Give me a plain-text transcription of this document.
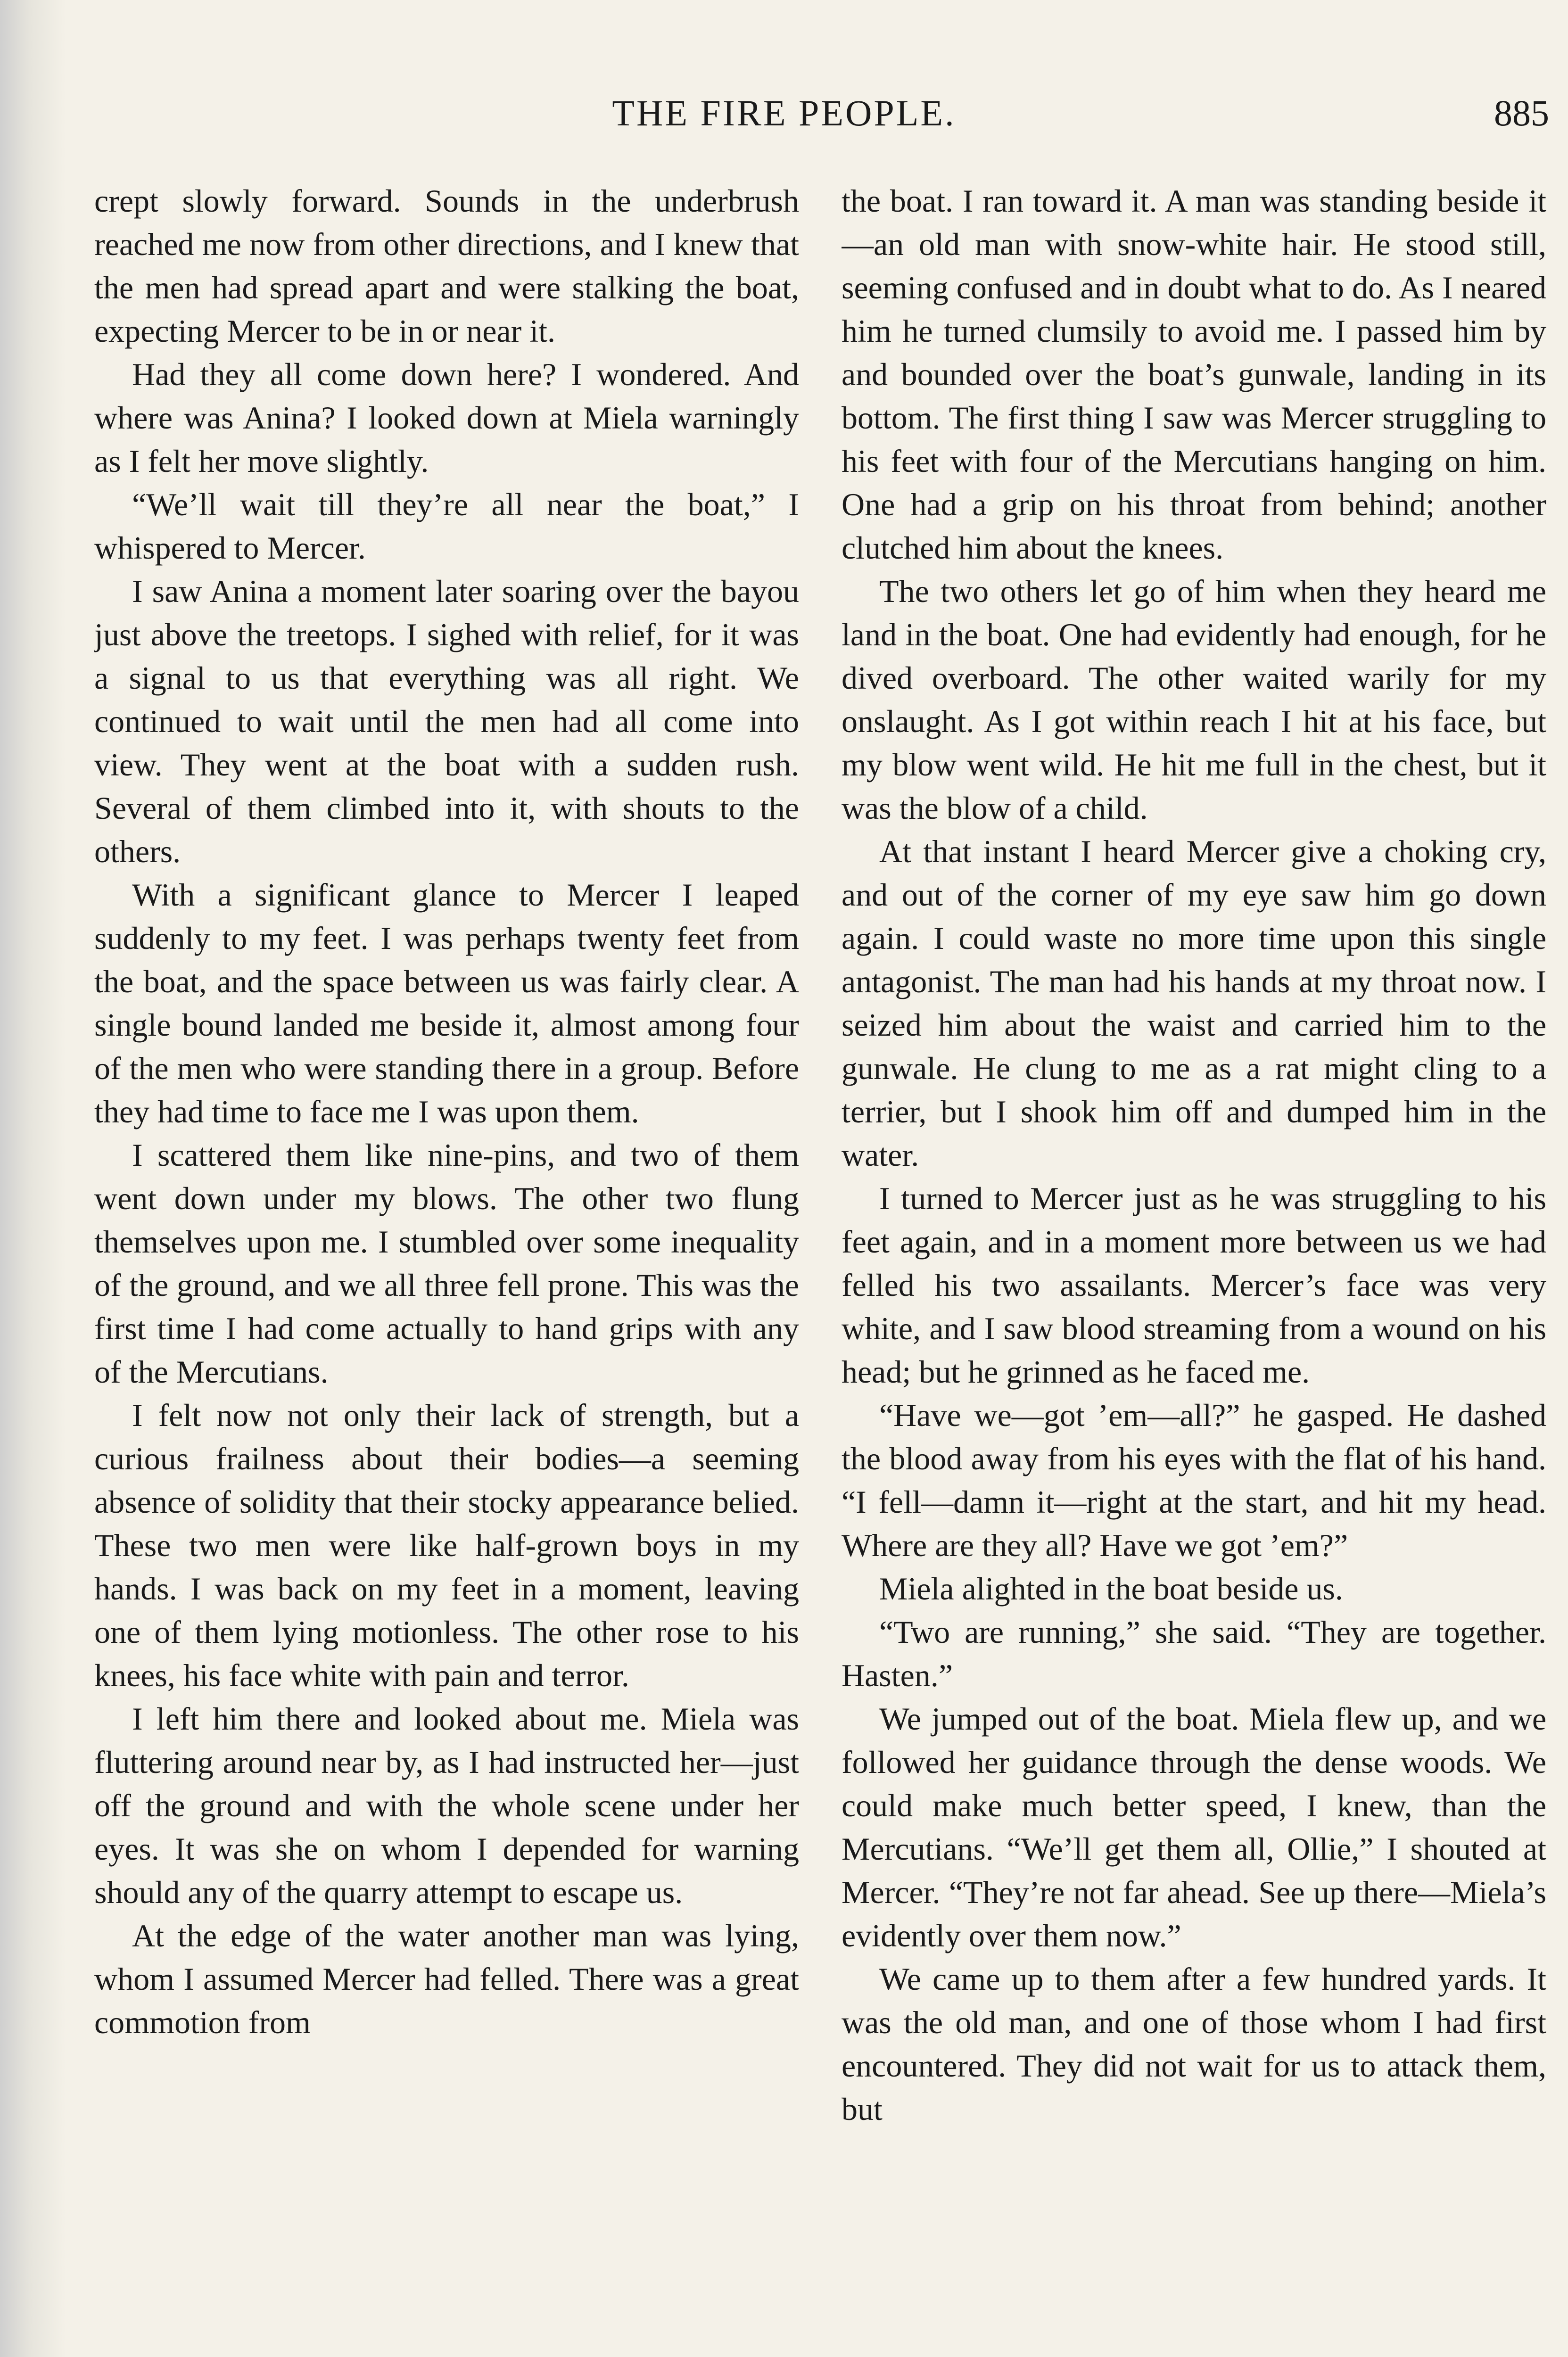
THE FIRE PEOPLE.	885

crept slowly forward. Sounds in the underbrush reached me now from other directions, and I knew that the men had spread apart and were stalking the boat, expecting Mercer to be in or near it.

Had they all come down here? I wondered. And where was Anina? I looked down at Miela warningly as I felt her move slightly.

“We’ll wait till they’re all near the boat,” I whispered to Mercer.

I saw Anina a moment later soaring over the bayou just above the treetops. I sighed with relief, for it was a signal to us that everything was all right. We continued to wait until the men had all come into view. They went at the boat with a sudden rush. Several of them climbed into it, with shouts to the others.

With a significant glance to Mercer I leaped suddenly to my feet. I was perhaps twenty feet from the boat, and the space between us was fairly clear. A single bound landed me beside it, almost among four of the men who were standing there in a group. Before they had time to face me I was upon them.

I scattered them like nine-pins, and two of them went down under my blows. The other two flung themselves upon me. I stumbled over some inequality of the ground, and we all three fell prone. This was the first time I had come actually to hand grips with any of the Mercutians.

I felt now not only their lack of strength, but a curious frailness about their bodies—a seeming absence of solidity that their stocky appearance belied. These two men were like half-grown boys in my hands. I was back on my feet in a moment, leaving one of them lying motionless. The other rose to his knees, his face white with pain and terror.

I left him there and looked about me. Miela was fluttering around near by, as I had instructed her—just off the ground and with the whole scene under her eyes. It was she on whom I depended for warning should any of the quarry attempt to escape us.

At the edge of the water another man was lying, whom I assumed Mercer had felled. There was a great commotion from

the boat. I ran toward it. A man was standing beside it—an old man with snow-white hair. He stood still, seeming confused and in doubt what to do. As I neared him he turned clumsily to avoid me. I passed him by and bounded over the boat’s gunwale, landing in its bottom. The first thing I saw was Mercer struggling to his feet with four of the Mercutians hanging on him. One had a grip on his throat from behind; another clutched him about the knees.

The two others let go of him when they heard me land in the boat. One had evidently had enough, for he dived overboard. The other waited warily for my onslaught. As I got within reach I hit at his face, but my blow went wild. He hit me full in the chest, but it was the blow of a child.

At that instant I heard Mercer give a choking cry, and out of the corner of my eye saw him go down again. I could waste no more time upon this single antagonist. The man had his hands at my throat now. I seized him about the waist and carried him to the gunwale. He clung to me as a rat might cling to a terrier, but I shook him off and dumped him in the water.

I turned to Mercer just as he was struggling to his feet again, and in a moment more between us we had felled his two assailants. Mercer’s face was very white, and I saw blood streaming from a wound on his head; but he grinned as he faced me.

“Have we—got ’em—all?” he gasped. He dashed the blood away from his eyes with the flat of his hand. “I fell—damn it—right at the start, and hit my head. Where are they all? Have we got ’em?”

Miela alighted in the boat beside us.

“Two are running,” she said. “They are together. Hasten.”

We jumped out of the boat. Miela flew up, and we followed her guidance through the dense woods. We could make much better speed, I knew, than the Mercutians. “We’ll get them all, Ollie,” I shouted at Mercer. “They’re not far ahead. See up there—Miela’s evidently over them now.”

We came up to them after a few hundred yards. It was the old man, and one of those whom I had first encountered. They did not wait for us to attack them, but
